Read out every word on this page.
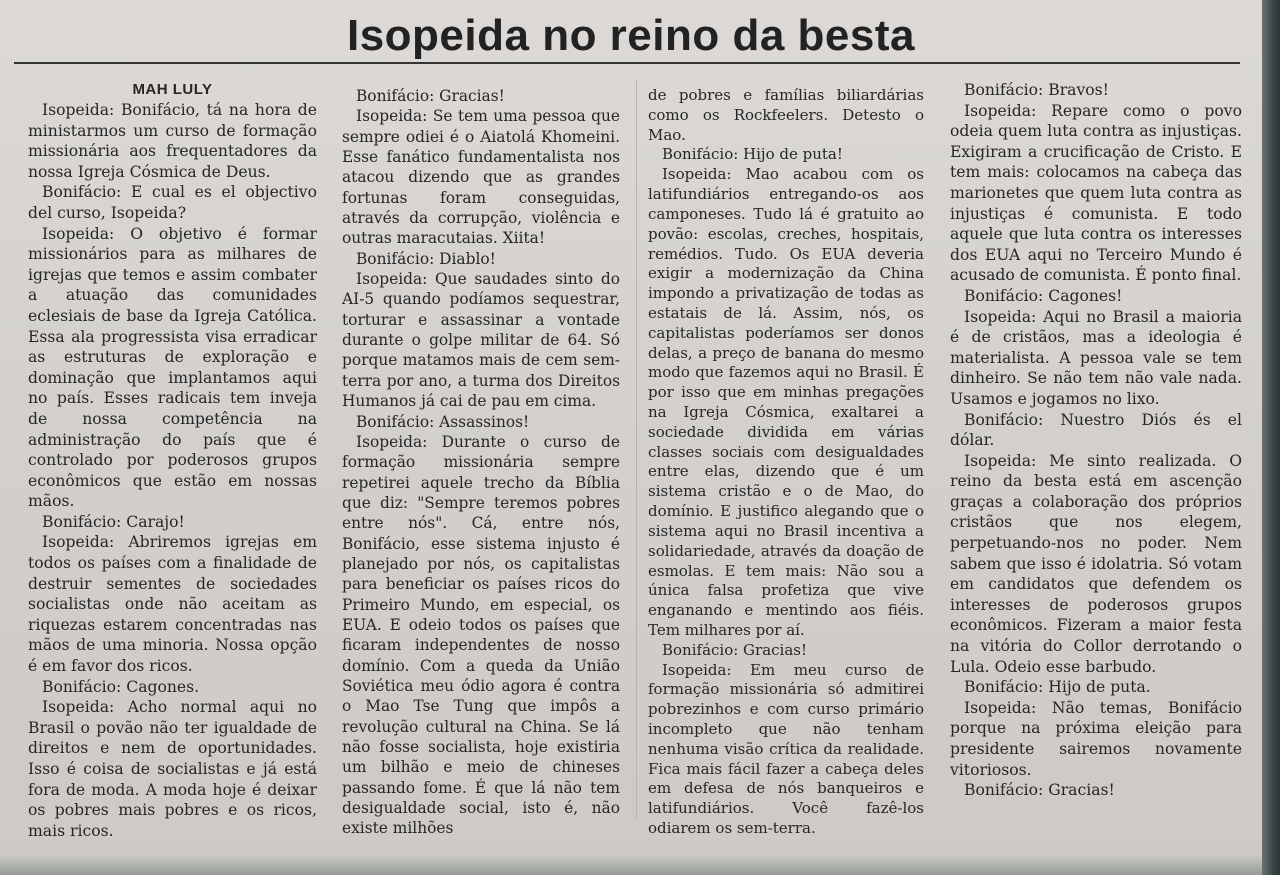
Isopeida no reino da besta
MAH LULY

Isopeida: Bonifácio, tá na hora de ministarmos um curso de formação missionária aos frequentadores da nossa Igreja Cósmica de Deus.

Bonifácio: E cual es el objectivo del curso, Isopeida?

Isopeida: O objetivo é formar missionários para as milhares de igrejas que temos e assim combater a atuação das comunidades eclesiais de base da Igreja Católica. Essa ala progressista visa erradicar as estruturas de exploração e dominação que implantamos aqui no país. Esses radicais tem inveja de nossa competência na administração do país que é controlado por poderosos grupos econômicos que estão em nossas mãos.

Bonifácio: Carajo!

Isopeida: Abriremos igrejas em todos os países com a finalidade de destruir sementes de sociedades socialistas onde não aceitam as riquezas estarem concentradas nas mãos de uma minoria. Nossa opção é em favor dos ricos.

Bonifácio: Cagones.

Isopeida: Acho normal aqui no Brasil o povão não ter igualdade de direitos e nem de oportunidades. Isso é coisa de socialistas e já está fora de moda. A moda hoje é deixar os pobres mais pobres e os ricos, mais ricos.

Bonifácio: Gracias!

Isopeida: Se tem uma pessoa que sempre odiei é o Aiatolá Khomeini. Esse fanático fundamentalista nos atacou dizendo que as grandes fortunas foram conseguidas, através da corrupção, violência e outras maracutaias. Xiita!

Bonifácio: Diablo!

Isopeida: Que saudades sinto do AI-5 quando podíamos sequestrar, torturar e assassinar a vontade durante o golpe militar de 64. Só porque matamos mais de cem sem-terra por ano, a turma dos Direitos Humanos já cai de pau em cima.

Bonifácio: Assassinos!

Isopeida: Durante o curso de formação missionária sempre repetirei aquele trecho da Bíblia que diz: "Sempre teremos pobres entre nós". Cá, entre nós, Bonifácio, esse sistema injusto é planejado por nós, os capitalistas para beneficiar os países ricos do Primeiro Mundo, em especial, os EUA. E odeio todos os países que ficaram independentes de nosso domínio. Com a queda da União Soviética meu ódio agora é contra o Mao Tse Tung que impôs a revolução cultural na China. Se lá não fosse socialista, hoje existiria um bilhão e meio de chineses passando fome. É que lá não tem desigualdade social, isto é, não existe milhões

de pobres e famílias biliardárias como os Rockfeelers. Detesto o Mao.

Bonifácio: Hijo de puta!

Isopeida: Mao acabou com os latifundiários entregando-os aos camponeses. Tudo lá é gratuito ao povão: escolas, creches, hospitais, remédios. Tudo. Os EUA deveria exigir a modernização da China impondo a privatização de todas as estatais de lá. Assim, nós, os capitalistas poderíamos ser donos delas, a preço de banana do mesmo modo que fazemos aqui no Brasil. É por isso que em minhas pregações na Igreja Cósmica, exaltarei a sociedade dividida em várias classes sociais com desigualdades entre elas, dizendo que é um sistema cristão e o de Mao, do domínio. E justifico alegando que o sistema aqui no Brasil incentiva a solidariedade, através da doação de esmolas. E tem mais: Não sou a única falsa profetiza que vive enganando e mentindo aos fiéis. Tem milhares por aí.

Bonifácio: Gracias!

Isopeida: Em meu curso de formação missionária só admitirei pobrezinhos e com curso primário incompleto que não tenham nenhuma visão crítica da realidade. Fica mais fácil fazer a cabeça deles em defesa de nós banqueiros e latifundiários. Você fazê-los odiarem os sem-terra.

Bonifácio: Bravos!

Isopeida: Repare como o povo odeia quem luta contra as injustiças. Exigiram a crucificação de Cristo. E tem mais: colocamos na cabeça das marionetes que quem luta contra as injustiças é comunista. E todo aquele que luta contra os interesses dos EUA aqui no Terceiro Mundo é acusado de comunista. É ponto final.

Bonifácio: Cagones!

Isopeida: Aqui no Brasil a maioria é de cristãos, mas a ideologia é materialista. A pessoa vale se tem dinheiro. Se não tem não vale nada. Usamos e jogamos no lixo.

Bonifácio: Nuestro Diós és el dólar.

Isopeida: Me sinto realizada. O reino da besta está em ascenção graças a colaboração dos próprios cristãos que nos elegem, perpetuando-nos no poder. Nem sabem que isso é idolatria. Só votam em candidatos que defendem os interesses de poderosos grupos econômicos. Fizeram a maior festa na vitória do Collor derrotando o Lula. Odeio esse barbudo.

Bonifácio: Hijo de puta.

Isopeida: Não temas, Bonifácio porque na próxima eleição para presidente sairemos novamente vitoriosos.

Bonifácio: Gracias!
